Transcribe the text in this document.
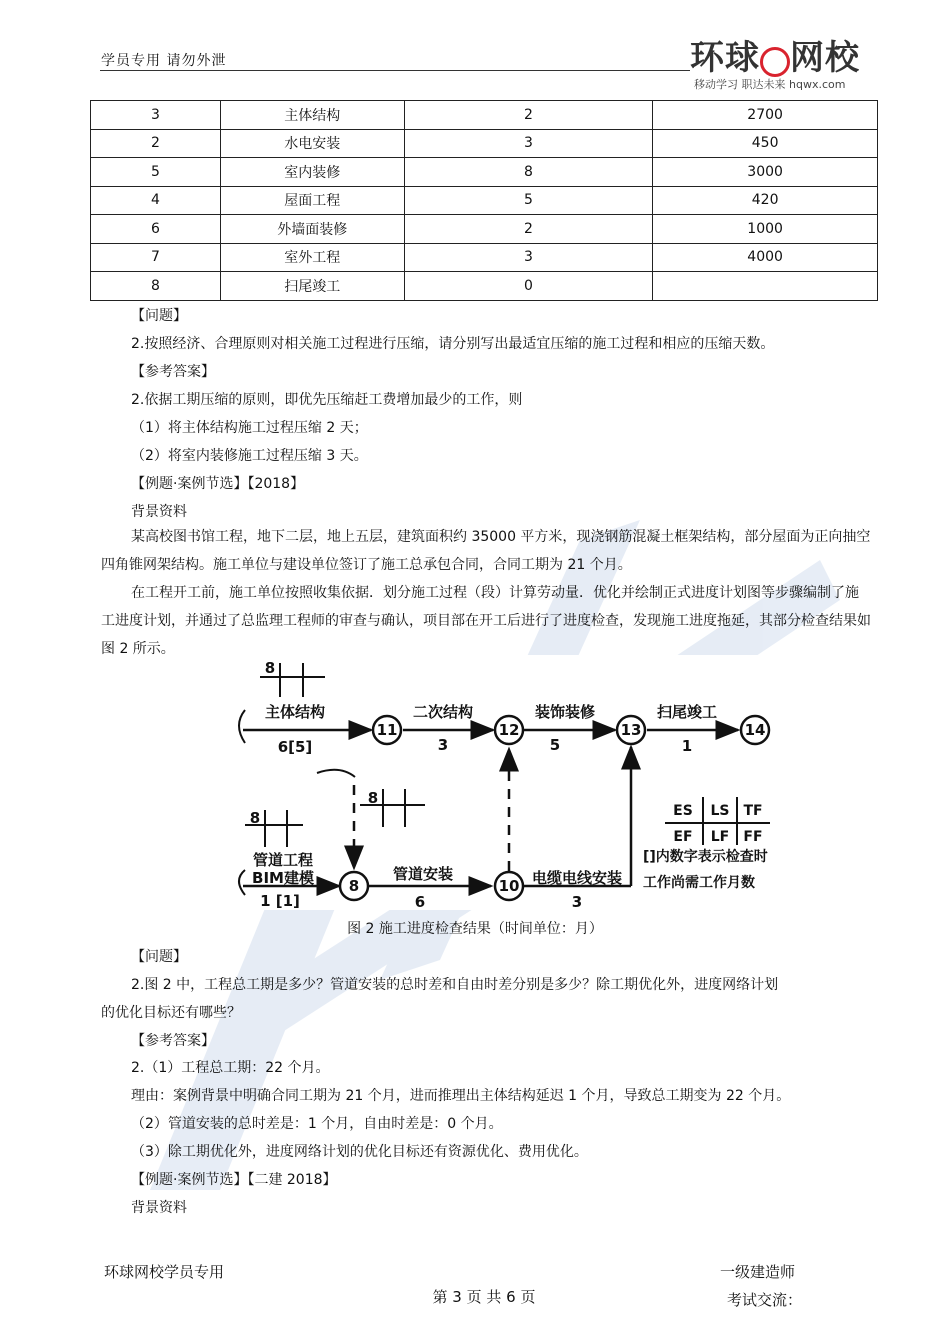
学员专用 请勿外泄	环球 网校
移动学习 职达未来 hqwx.com
3	主体结构	2	2700
2	水电安装	3	450
5	室内装修	8	3000
4	屋面工程	5	420
6	外墙面装修	2	1000
7	室外工程	3	4000
8	扫尾竣工	0	
【问题】
2.按照经济、合理原则对相关施工过程进行压缩，请分别写出最适宜压缩的施工过程和相应的压缩天数。
【参考答案】
2.依据工期压缩的原则，即优先压缩赶工费增加最少的工作，则
（1）将主体结构施工过程压缩 2 天；
（2）将室内装修施工过程压缩 3 天。
【例题·案例节选】【2018】
背景资料
某高校图书馆工程，地下二层，地上五层，建筑面积约 35000 平方米，现浇钢筋混凝土框架结构，部分屋面为正向抽空四角锥网架结构。施工单位与建设单位签订了施工总承包合同，合同工期为 21 个月。
在工程开工前，施工单位按照收集依据．划分施工过程（段）计算劳动量．优化并绘制正式进度计划图等步骤编制了施工进度计划，并通过了总监理工程师的审查与确认，项目部在开工后进行了进度检查，发现施工进度拖延，其部分检查结果如图 2 所示。
11	12	13	14
8	10
主体结构
6[5]
二次结构
3
装饰装修
5
扫尾竣工
1
管道工程
BIM建模
1 [1]
管道安装
6
电缆电线安装
3
8
8
8	ES LS TF
EF LF FF
[]内数字表示检查时
工作尚需工作月数
图 2 施工进度检查结果（时间单位：月）
【问题】
2.图 2 中，工程总工期是多少？管道安装的总时差和自由时差分别是多少？除工期优化外，进度网络计划
的优化目标还有哪些？
【参考答案】
2.（1）工程总工期：22 个月。
理由：案例背景中明确合同工期为 21 个月，进而推理出主体结构延迟 1 个月，导致总工期变为 22 个月。
（2）管道安装的总时差是：1 个月，自由时差是：0 个月。
（3）除工期优化外，进度网络计划的优化目标还有资源优化、费用优化。
【例题·案例节选】【二建 2018】
背景资料
环球网校学员专用
第 3 页 共 6 页
一级建造师
考试交流：
